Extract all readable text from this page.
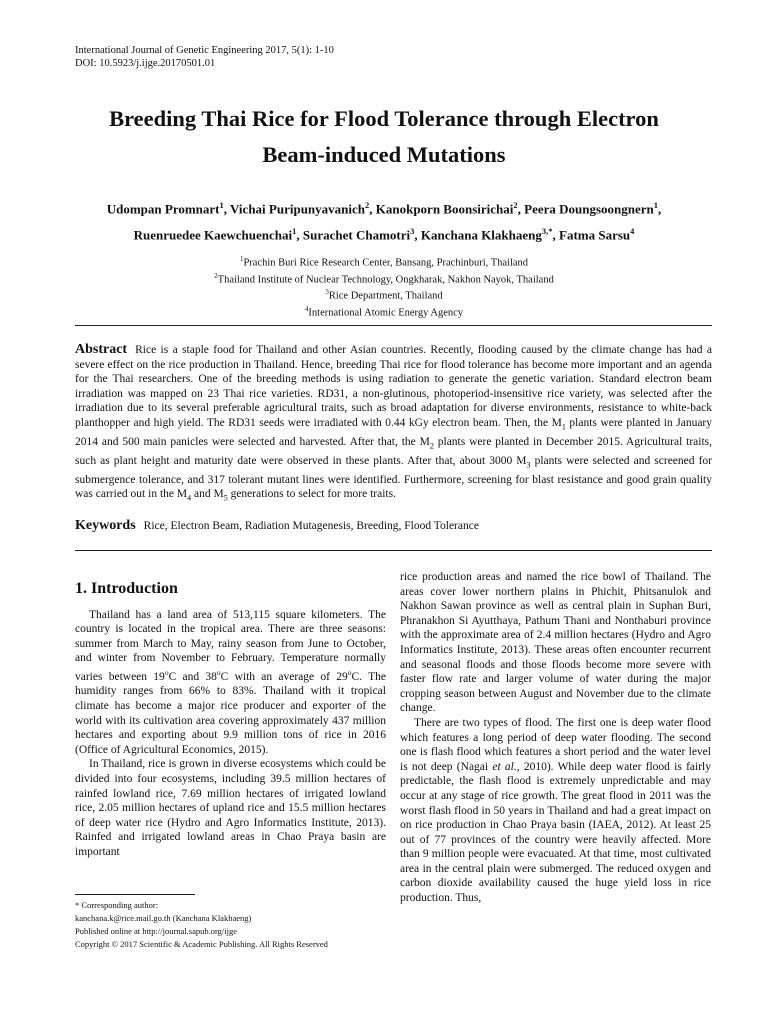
International Journal of Genetic Engineering 2017, 5(1): 1-10
DOI: 10.5923/j.ijge.20170501.01
Breeding Thai Rice for Flood Tolerance through Electron
Beam-induced Mutations
Udompan Promnart$^1$, Vichai Puripunyavanich$^2$, Kanokporn Boonsirichai$^2$, Peera Doungsoongnern$^1$,
Ruenruedee Kaewchuenchai$^1$, Surachet Chamotri$^3$, Kanchana Klakhaeng$^{3,*}$, Fatma Sarsu$^4$
$^1$Prachin Buri Rice Research Center, Bansang, Prachinburi, Thailand
$^2$Thailand Institute of Nuclear Technology, Ongkharak, Nakhon Nayok, Thailand
$^3$Rice Department, Thailand
$^4$International Atomic Energy Agency
Abstract Rice is a staple food for Thailand and other Asian countries. Recently, flooding caused by the climate change has had a severe effect on the rice production in Thailand. Hence, breeding Thai rice for flood tolerance has become more important and an agenda for the Thai researchers. One of the breeding methods is using radiation to generate the genetic variation. Standard electron beam irradiation was mapped on 23 Thai rice varieties. RD31, a non-glutinous, photoperiod-insensitive rice variety, was selected after the irradiation due to its several preferable agricultural traits, such as broad adaptation for diverse environments, resistance to white-back planthopper and high yield. The RD31 seeds were irradiated with 0.44 kGy electron beam. Then, the $M_1$ plants were planted in January 2014 and 500 main panicles were selected and harvested. After that, the $M_2$ plants were planted in December 2015. Agricultural traits, such as plant height and maturity date were observed in these plants. After that, about 3000 $M_3$ plants were selected and screened for submergence tolerance, and 317 tolerant mutant lines were identified. Furthermore, screening for blast resistance and good grain quality was carried out in the $M_4$ and $M_5$ generations to select for more traits.
Keywords Rice, Electron Beam, Radiation Mutagenesis, Breeding, Flood Tolerance
1. Introduction

Thailand has a land area of 513,115 square kilometers. The country is located in the tropical area. There are three seasons: summer from March to May, rainy season from June to October, and winter from November to February. Temperature normally varies between 19$^o$C and 38$^o$C with an average of 29$^o$C. The humidity ranges from 66% to 83%. Thailand with it tropical climate has become a major rice producer and exporter of the world with its cultivation area covering approximately 437 million hectares and exporting about 9.9 million tons of rice in 2016 (Office of Agricultural Economics, 2015).

In Thailand, rice is grown in diverse ecosystems which could be divided into four ecosystems, including 39.5 million hectares of rainfed lowland rice, 7.69 million hectares of irrigated lowland rice, 2.05 million hectares of upland rice and 15.5 million hectares of deep water rice (Hydro and Agro Informatics Institute, 2013). Rainfed and irrigated lowland areas in Chao Praya basin are important

rice production areas and named the rice bowl of Thailand. The areas cover lower northern plains in Phichit, Phitsanulok and Nakhon Sawan province as well as central plain in Suphan Buri, Phranakhon Si Ayutthaya, Pathum Thani and Nonthaburi province with the approximate area of 2.4 million hectares (Hydro and Agro Informatics Institute, 2013). These areas often encounter recurrent and seasonal floods and those floods become more severe with faster flow rate and larger volume of water during the major cropping season between August and November due to the climate change.

There are two types of flood. The first one is deep water flood which features a long period of deep water flooding. The second one is flash flood which features a short period and the water level is not deep (Nagai et al., 2010). While deep water flood is fairly predictable, the flash flood is extremely unpredictable and may occur at any stage of rice growth. The great flood in 2011 was the worst flash flood in 50 years in Thailand and had a great impact on on rice production in Chao Praya basin (IAEA, 2012). At least 25 out of 77 provinces of the country were heavily affected. More than 9 million people were evacuated. At that time, most cultivated area in the central plain were submerged. The reduced oxygen and carbon dioxide availability caused the huge yield loss in rice production. Thus,

* Corresponding author:
kanchana.k@rice.mail.go.th (Kanchana Klakhaeng)
Published online at http://journal.sapub.org/ijge
Copyright © 2017 Scientific & Academic Publishing. All Rights Reserved
